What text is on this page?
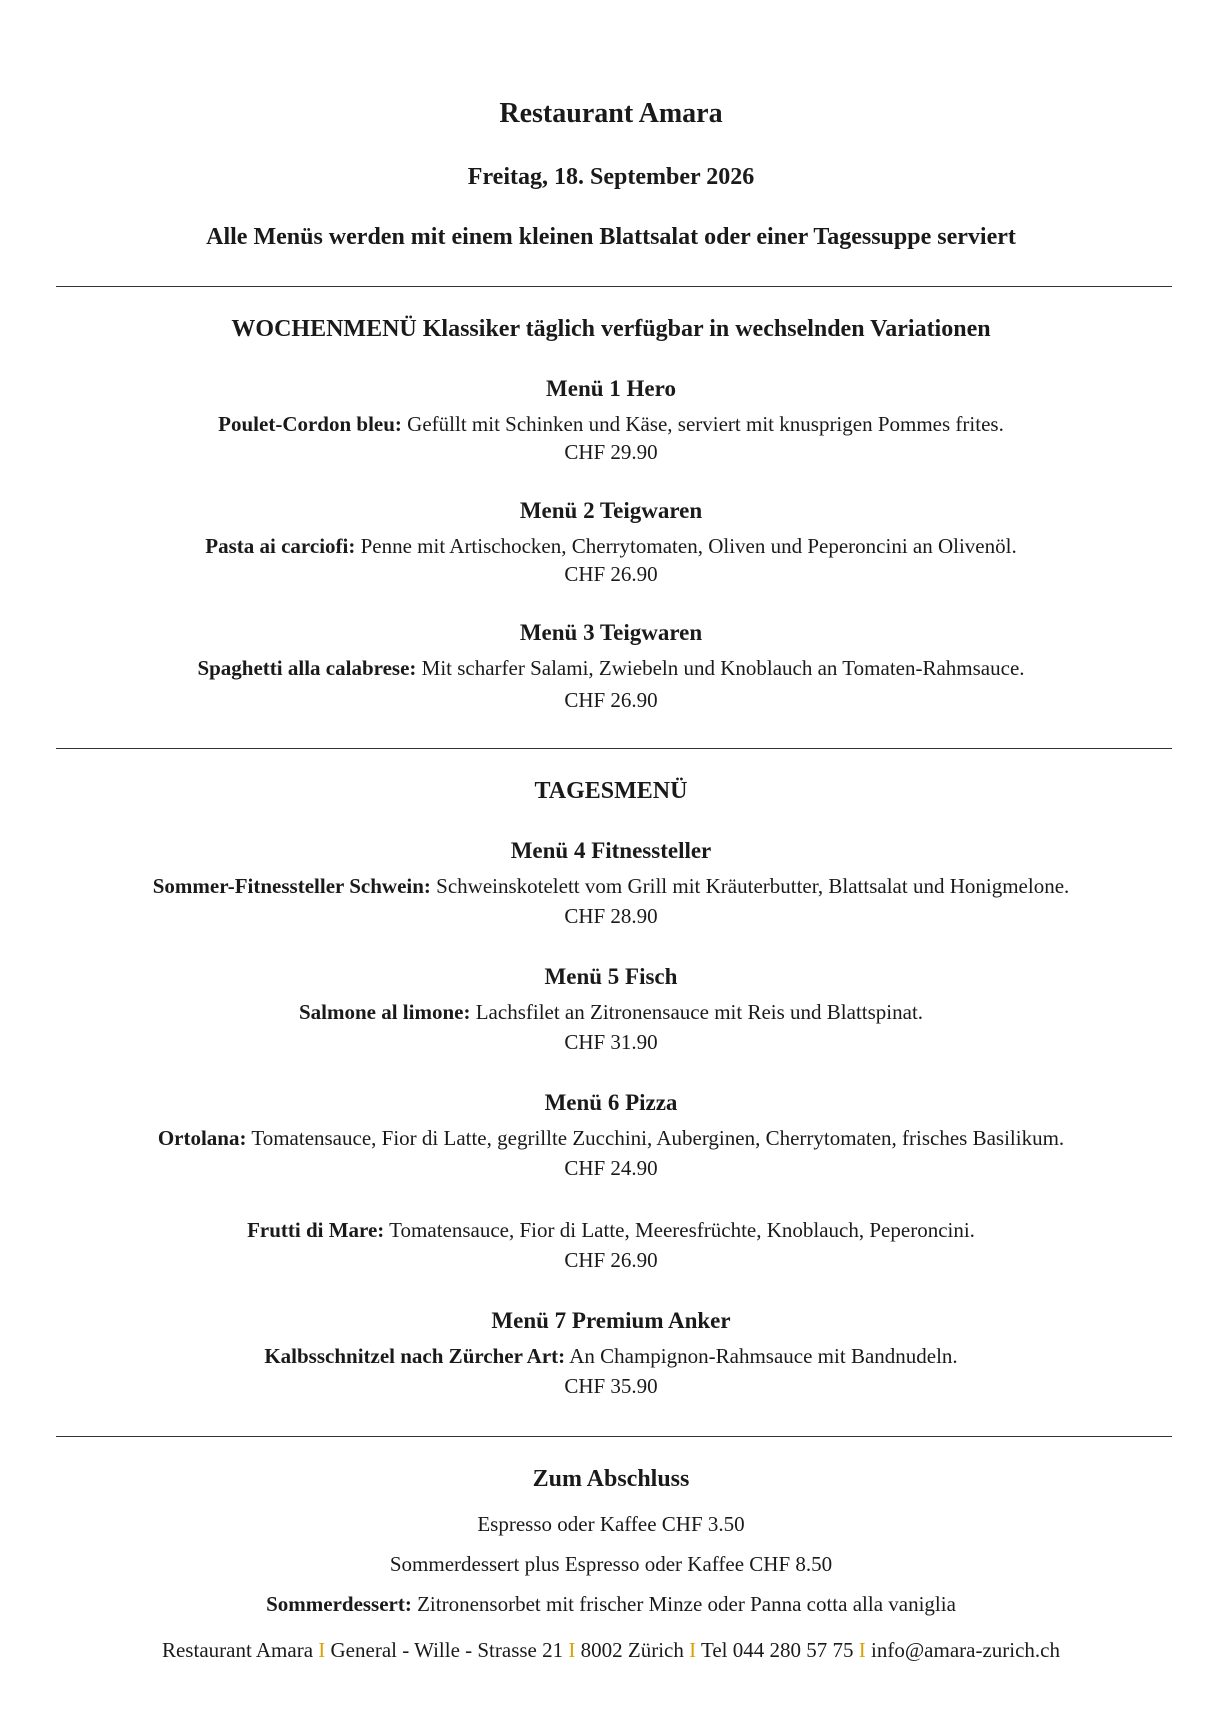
Restaurant Amara

Freitag, 18. September 2026

Alle Menüs werden mit einem kleinen Blattsalat oder einer Tagessuppe serviert

WOCHENMENÜ Klassiker täglich verfügbar in wechselnden Variationen

Menü 1 Hero

Poulet-Cordon bleu: Gefüllt mit Schinken und Käse, serviert mit knusprigen Pommes frites.

CHF 29.90

Menü 2 Teigwaren

Pasta ai carciofi: Penne mit Artischocken, Cherrytomaten, Oliven und Peperoncini an Olivenöl.

CHF 26.90

Menü 3 Teigwaren

Spaghetti alla calabrese: Mit scharfer Salami, Zwiebeln und Knoblauch an Tomaten-Rahmsauce.

CHF 26.90

TAGESMENÜ

Menü 4 Fitnessteller

Sommer-Fitnessteller Schwein: Schweinskotelett vom Grill mit Kräuterbutter, Blattsalat und Honigmelone.

CHF 28.90

Menü 5 Fisch

Salmone al limone: Lachsfilet an Zitronensauce mit Reis und Blattspinat.

CHF 31.90

Menü 6 Pizza

Ortolana: Tomatensauce, Fior di Latte, gegrillte Zucchini, Auberginen, Cherrytomaten, frisches Basilikum.

CHF 24.90

Frutti di Mare: Tomatensauce, Fior di Latte, Meeresfrüchte, Knoblauch, Peperoncini.

CHF 26.90

Menü 7 Premium Anker

Kalbsschnitzel nach Zürcher Art: An Champignon-Rahmsauce mit Bandnudeln.

CHF 35.90

Zum Abschluss

Espresso oder Kaffee CHF 3.50

Sommerdessert plus Espresso oder Kaffee CHF 8.50

Sommerdessert: Zitronensorbet mit frischer Minze oder Panna cotta alla vaniglia

Restaurant Amara I General - Wille - Strasse 21 I 8002 Zürich I Tel 044 280 57 75 I info@amara-zurich.ch
